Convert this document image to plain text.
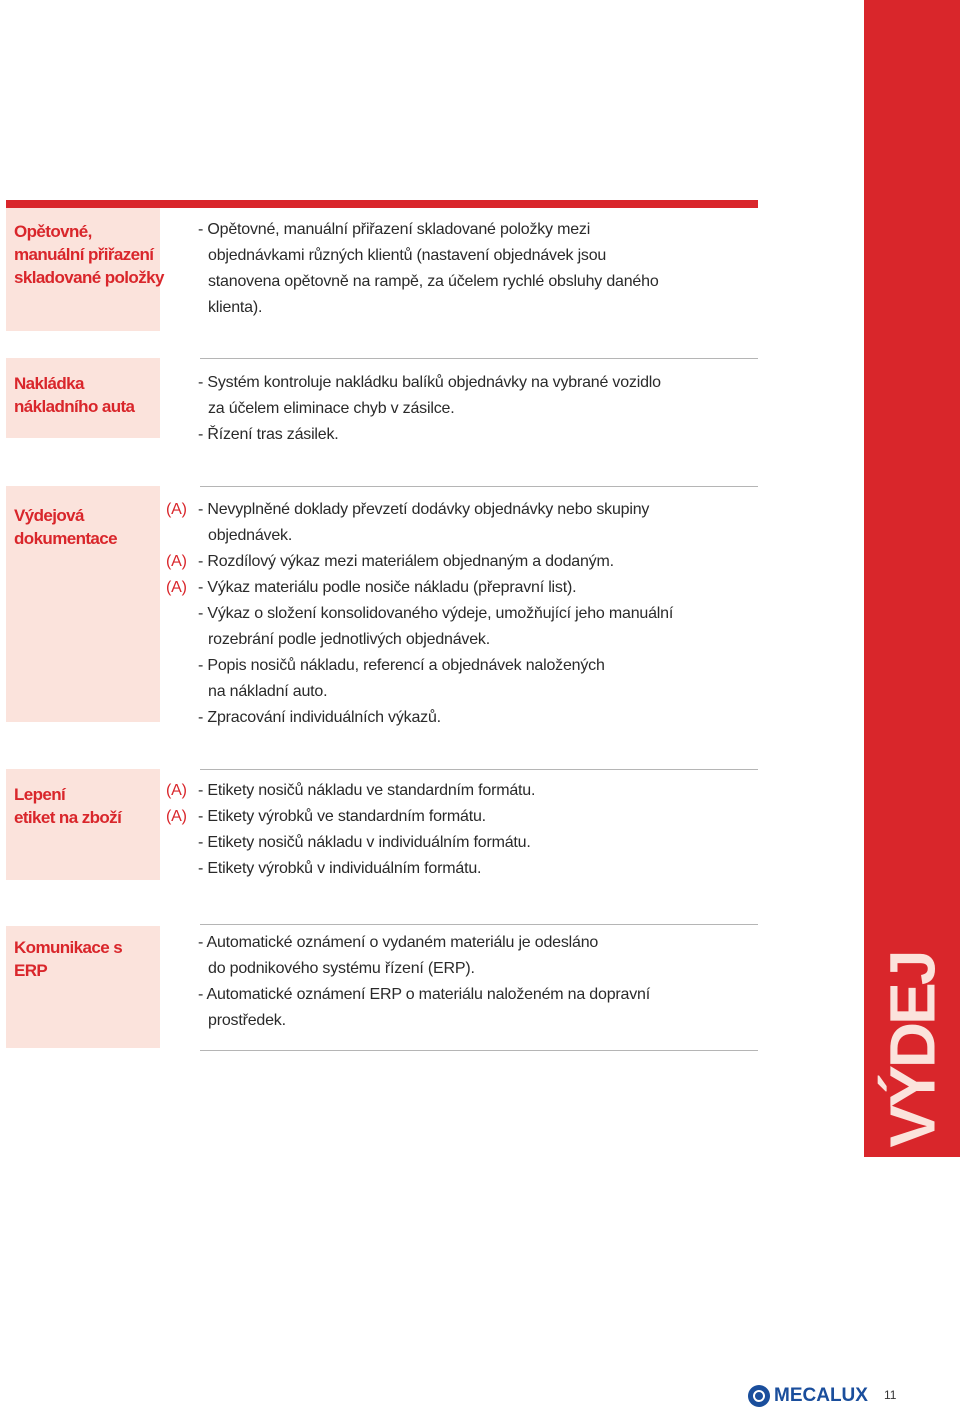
VÝDEJ
Opětovné,
manuální přiřazení
skladované položky
- Opětovné, manuální přiřazení skladované položky mezi
objednávkami různých klientů (nastavení objednávek jsou
stanovena opětovně na rampě, za účelem rychlé obsluhy daného
klienta).
Nakládka
nákladního auta
- Systém kontroluje nakládku balíků objednávky na vybrané vozidlo
za účelem eliminace chyb v zásilce.
- Řízení tras zásilek.
Výdejová
dokumentace
(A) - Nevyplněné doklady převzetí dodávky objednávky nebo skupiny
objednávek.
(A) - Rozdílový výkaz mezi materiálem objednaným a dodaným.
(A) - Výkaz materiálu podle nosiče nákladu (přepravní list).
- Výkaz o složení konsolidovaného výdeje, umožňující jeho manuální
rozebrání podle jednotlivých objednávek.
- Popis nosičů nákladu, referencí a objednávek naložených
na nákladní auto.
- Zpracování individuálních výkazů.
Lepení
etiket na zboží
(A) - Etikety nosičů nákladu ve standardním formátu.
(A) - Etikety výrobků ve standardním formátu.
- Etikety nosičů nákladu v individuálním formátu.
- Etikety výrobků v individuálním formátu.
Komunikace s
ERP
- Automatické oznámení o vydaném materiálu je odesláno
do podnikového systému řízení (ERP).
- Automatické oznámení ERP o materiálu naloženém na dopravní
prostředek.
MECALUX 11
